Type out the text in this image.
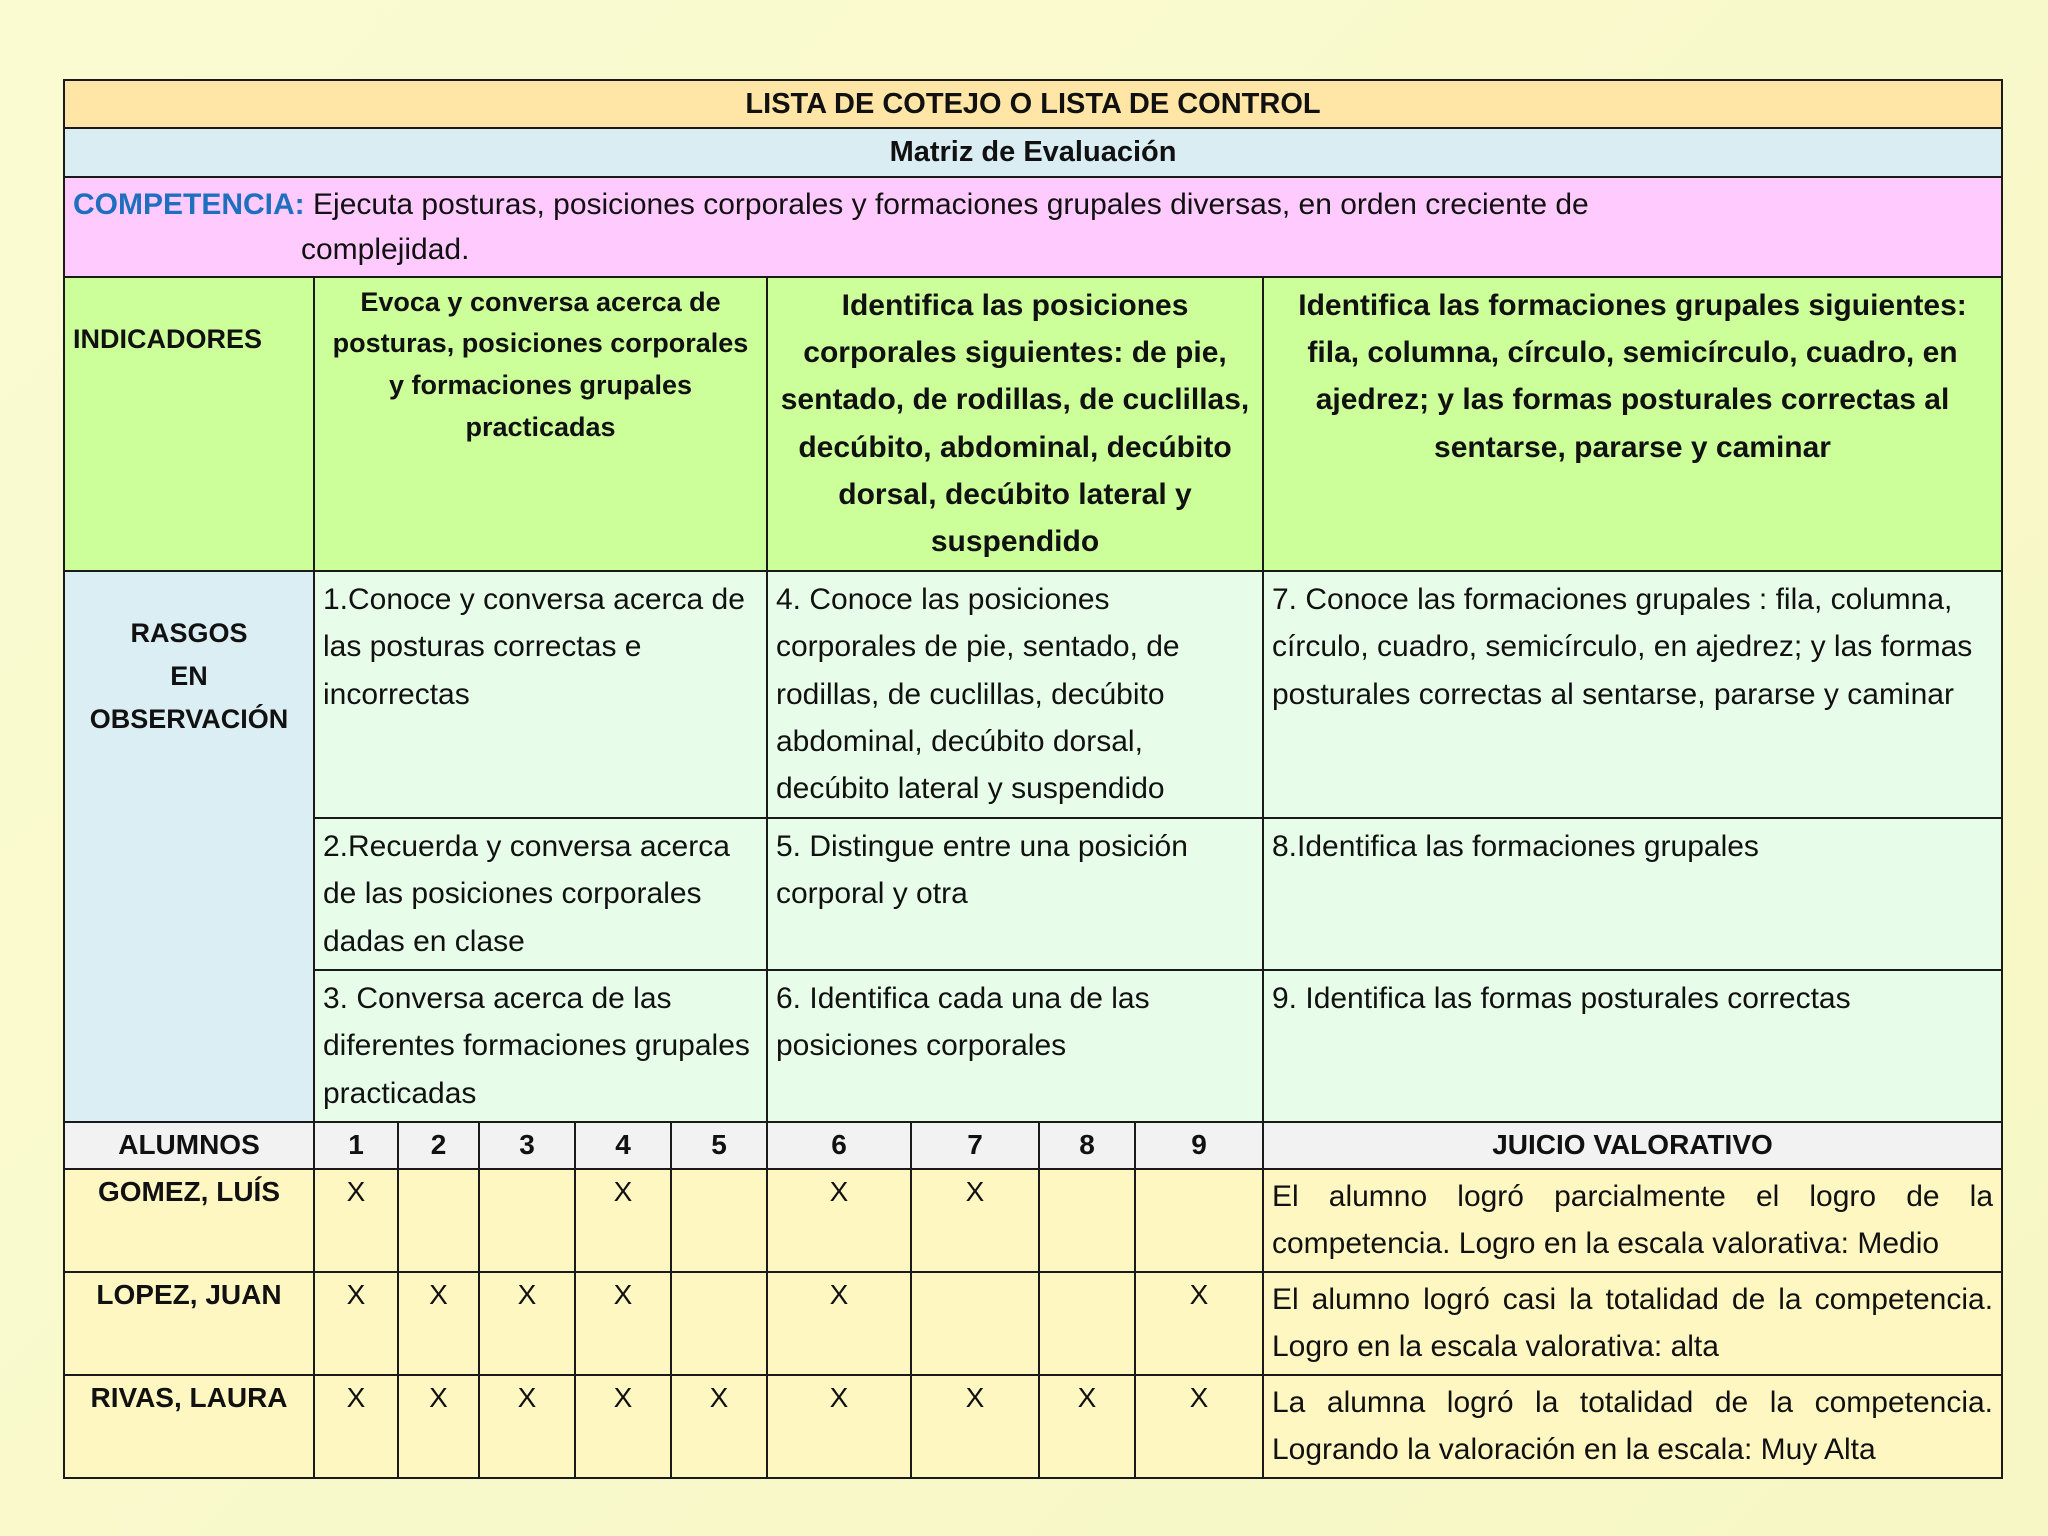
LISTA DE COTEJO O LISTA DE CONTROL										
Matriz de Evaluación										
COMPETENCIA: Ejecuta posturas, posiciones corporales y formaciones grupales diversas, en orden creciente de
complejidad.										

INDICADORES	Evoca y conversa acerca de posturas, posiciones corporales y formaciones grupales practicadas					Identifica las posiciones corporales siguientes: de pie, sentado, de rodillas, de cuclillas, decúbito, abdominal, decúbito dorsal, decúbito lateral y suspendido				Identifica las formaciones grupales siguientes: fila, columna, círculo, semicírculo, cuadro, en ajedrez; y las formas posturales correctas al sentarse, pararse y caminar
RASGOS
EN
OBSERVACIÓN	1.Conoce y conversa acerca de las posturas correctas e incorrectas					4. Conoce las posiciones corporales de pie, sentado, de rodillas, de cuclillas, decúbito abdominal, decúbito dorsal, decúbito lateral y suspendido				7. Conoce las formaciones grupales : fila, columna, círculo, cuadro, semicírculo, en ajedrez; y las formas posturales correctas al sentarse, pararse y caminar
	2.Recuerda y conversa acerca de las posiciones corporales dadas en clase					5. Distingue entre una posición corporal y otra				8.Identifica las formaciones grupales
	3. Conversa acerca de las diferentes formaciones grupales practicadas					6. Identifica cada una de las posiciones corporales				9. Identifica las formas posturales correctas
ALUMNOS	1	2	3	4	5	6	7	8	9	JUICIO VALORATIVO
GOMEZ, LUÍS	X			X		X	X			El alumno logró parcialmente el logro de la competencia. Logro en la escala valorativa: Medio
LOPEZ, JUAN	X	X	X	X		X			X	El alumno logró casi la totalidad de la competencia. Logro en la escala valorativa: alta
RIVAS, LAURA	X	X	X	X	X	X	X	X	X	La alumna logró la totalidad de la competencia. Logrando la valoración en la escala: Muy Alta
